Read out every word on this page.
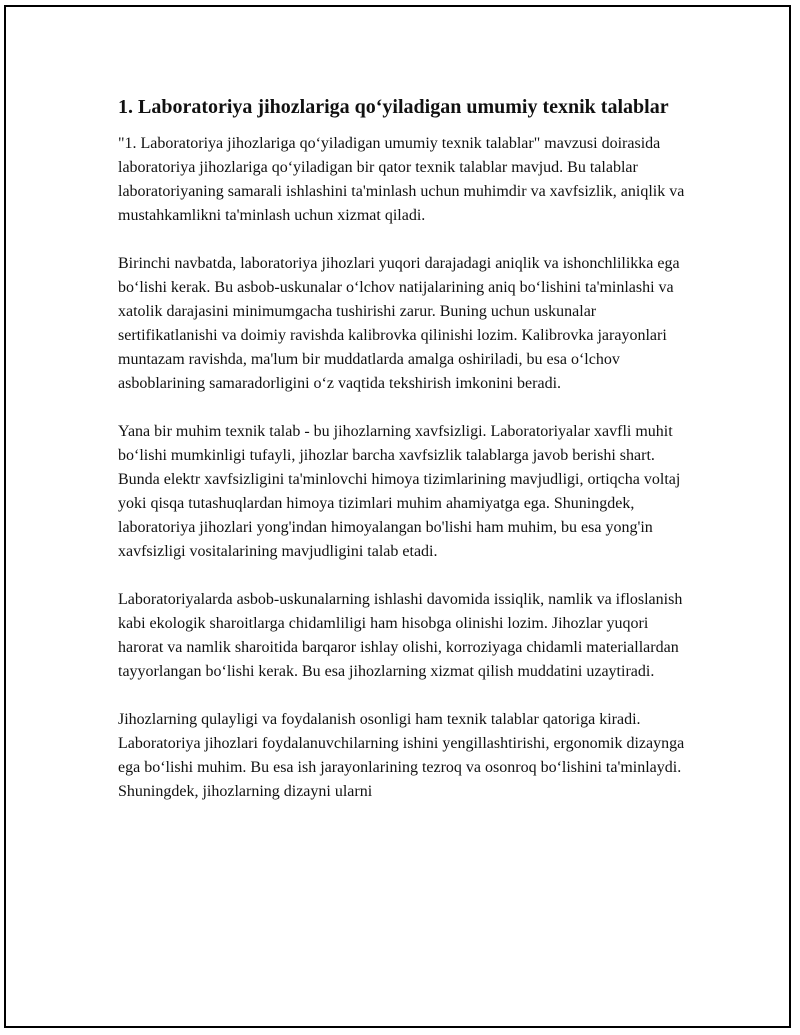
1. Laboratoriya jihozlariga qo‘yiladigan umumiy texnik talablar

"1. Laboratoriya jihozlariga qo‘yiladigan umumiy texnik talablar" mavzusi doirasida laboratoriya jihozlariga qo‘yiladigan bir qator texnik talablar mavjud. Bu talablar laboratoriyaning samarali ishlashini ta'minlash uchun muhimdir va xavfsizlik, aniqlik va mustahkamlikni ta'minlash uchun xizmat qiladi.

Birinchi navbatda, laboratoriya jihozlari yuqori darajadagi aniqlik va ishonchlilikka ega bo‘lishi kerak. Bu asbob-uskunalar o‘lchov natijalarining aniq bo‘lishini ta'minlashi va xatolik darajasini minimumgacha tushirishi zarur. Buning uchun uskunalar sertifikatlanishi va doimiy ravishda kalibrovka qilinishi lozim. Kalibrovka jarayonlari muntazam ravishda, ma'lum bir muddatlarda amalga oshiriladi, bu esa o‘lchov asboblarining samaradorligini o‘z vaqtida tekshirish imkonini beradi.

Yana bir muhim texnik talab - bu jihozlarning xavfsizligi. Laboratoriyalar xavfli muhit bo‘lishi mumkinligi tufayli, jihozlar barcha xavfsizlik talablarga javob berishi shart. Bunda elektr xavfsizligini ta'minlovchi himoya tizimlarining mavjudligi, ortiqcha voltaj yoki qisqa tutashuqlardan himoya tizimlari muhim ahamiyatga ega. Shuningdek, laboratoriya jihozlari yong'indan himoyalangan bo'lishi ham muhim, bu esa yong'in xavfsizligi vositalarining mavjudligini talab etadi.

Laboratoriyalarda asbob-uskunalarning ishlashi davomida issiqlik, namlik va ifloslanish kabi ekologik sharoitlarga chidamliligi ham hisobga olinishi lozim. Jihozlar yuqori harorat va namlik sharoitida barqaror ishlay olishi, korroziyaga chidamli materiallardan tayyorlangan bo‘lishi kerak. Bu esa jihozlarning xizmat qilish muddatini uzaytiradi.

Jihozlarning qulayligi va foydalanish osonligi ham texnik talablar qatoriga kiradi. Laboratoriya jihozlari foydalanuvchilarning ishini yengillashtirishi, ergonomik dizaynga ega bo‘lishi muhim. Bu esa ish jarayonlarining tezroq va osonroq bo‘lishini ta'minlaydi. Shuningdek, jihozlarning dizayni ularni
